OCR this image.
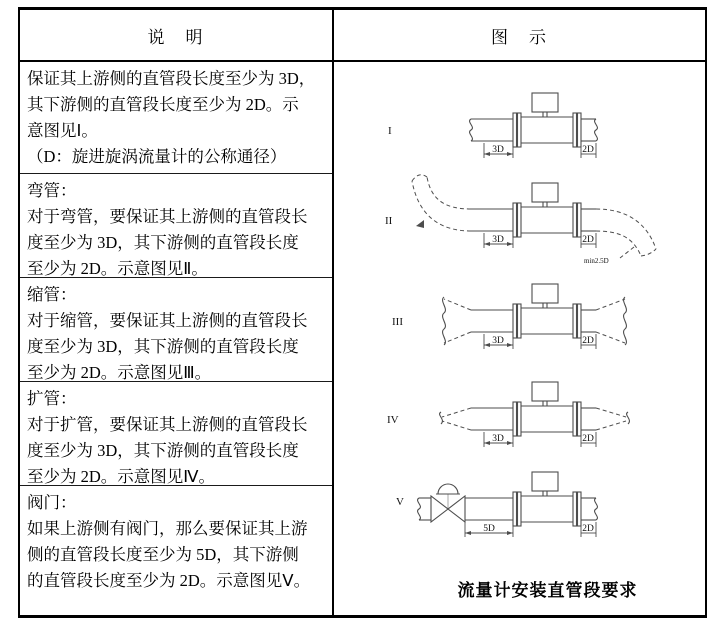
说　明	图　示
保证其上游侧的直管段长度至少为 3D，
其下游侧的直管段长度至少为 2D。示
意图见Ⅰ。
（D：旋进旋涡流量计的公称通径）
弯管：
对于弯管，要保证其上游侧的直管段长
度至少为 3D，其下游侧的直管段长度
至少为 2D。示意图见Ⅱ。
缩管：
对于缩管，要保证其上游侧的直管段长
度至少为 3D，其下游侧的直管段长度
至少为 2D。示意图见Ⅲ。
扩管：
对于扩管，要保证其上游侧的直管段长
度至少为 3D，其下游侧的直管段长度
至少为 2D。示意图见Ⅳ。
阀门：
如果上游侧有阀门，那么要保证其上游
侧的直管段长度至少为 5D，其下游侧
的直管段长度至少为 2D。示意图见Ⅴ。
I
3D	2D
II
min2.5D
3D	2D
III
3D	2D
IV
3D	2D
V
5D	2D
流量计安装直管段要求
